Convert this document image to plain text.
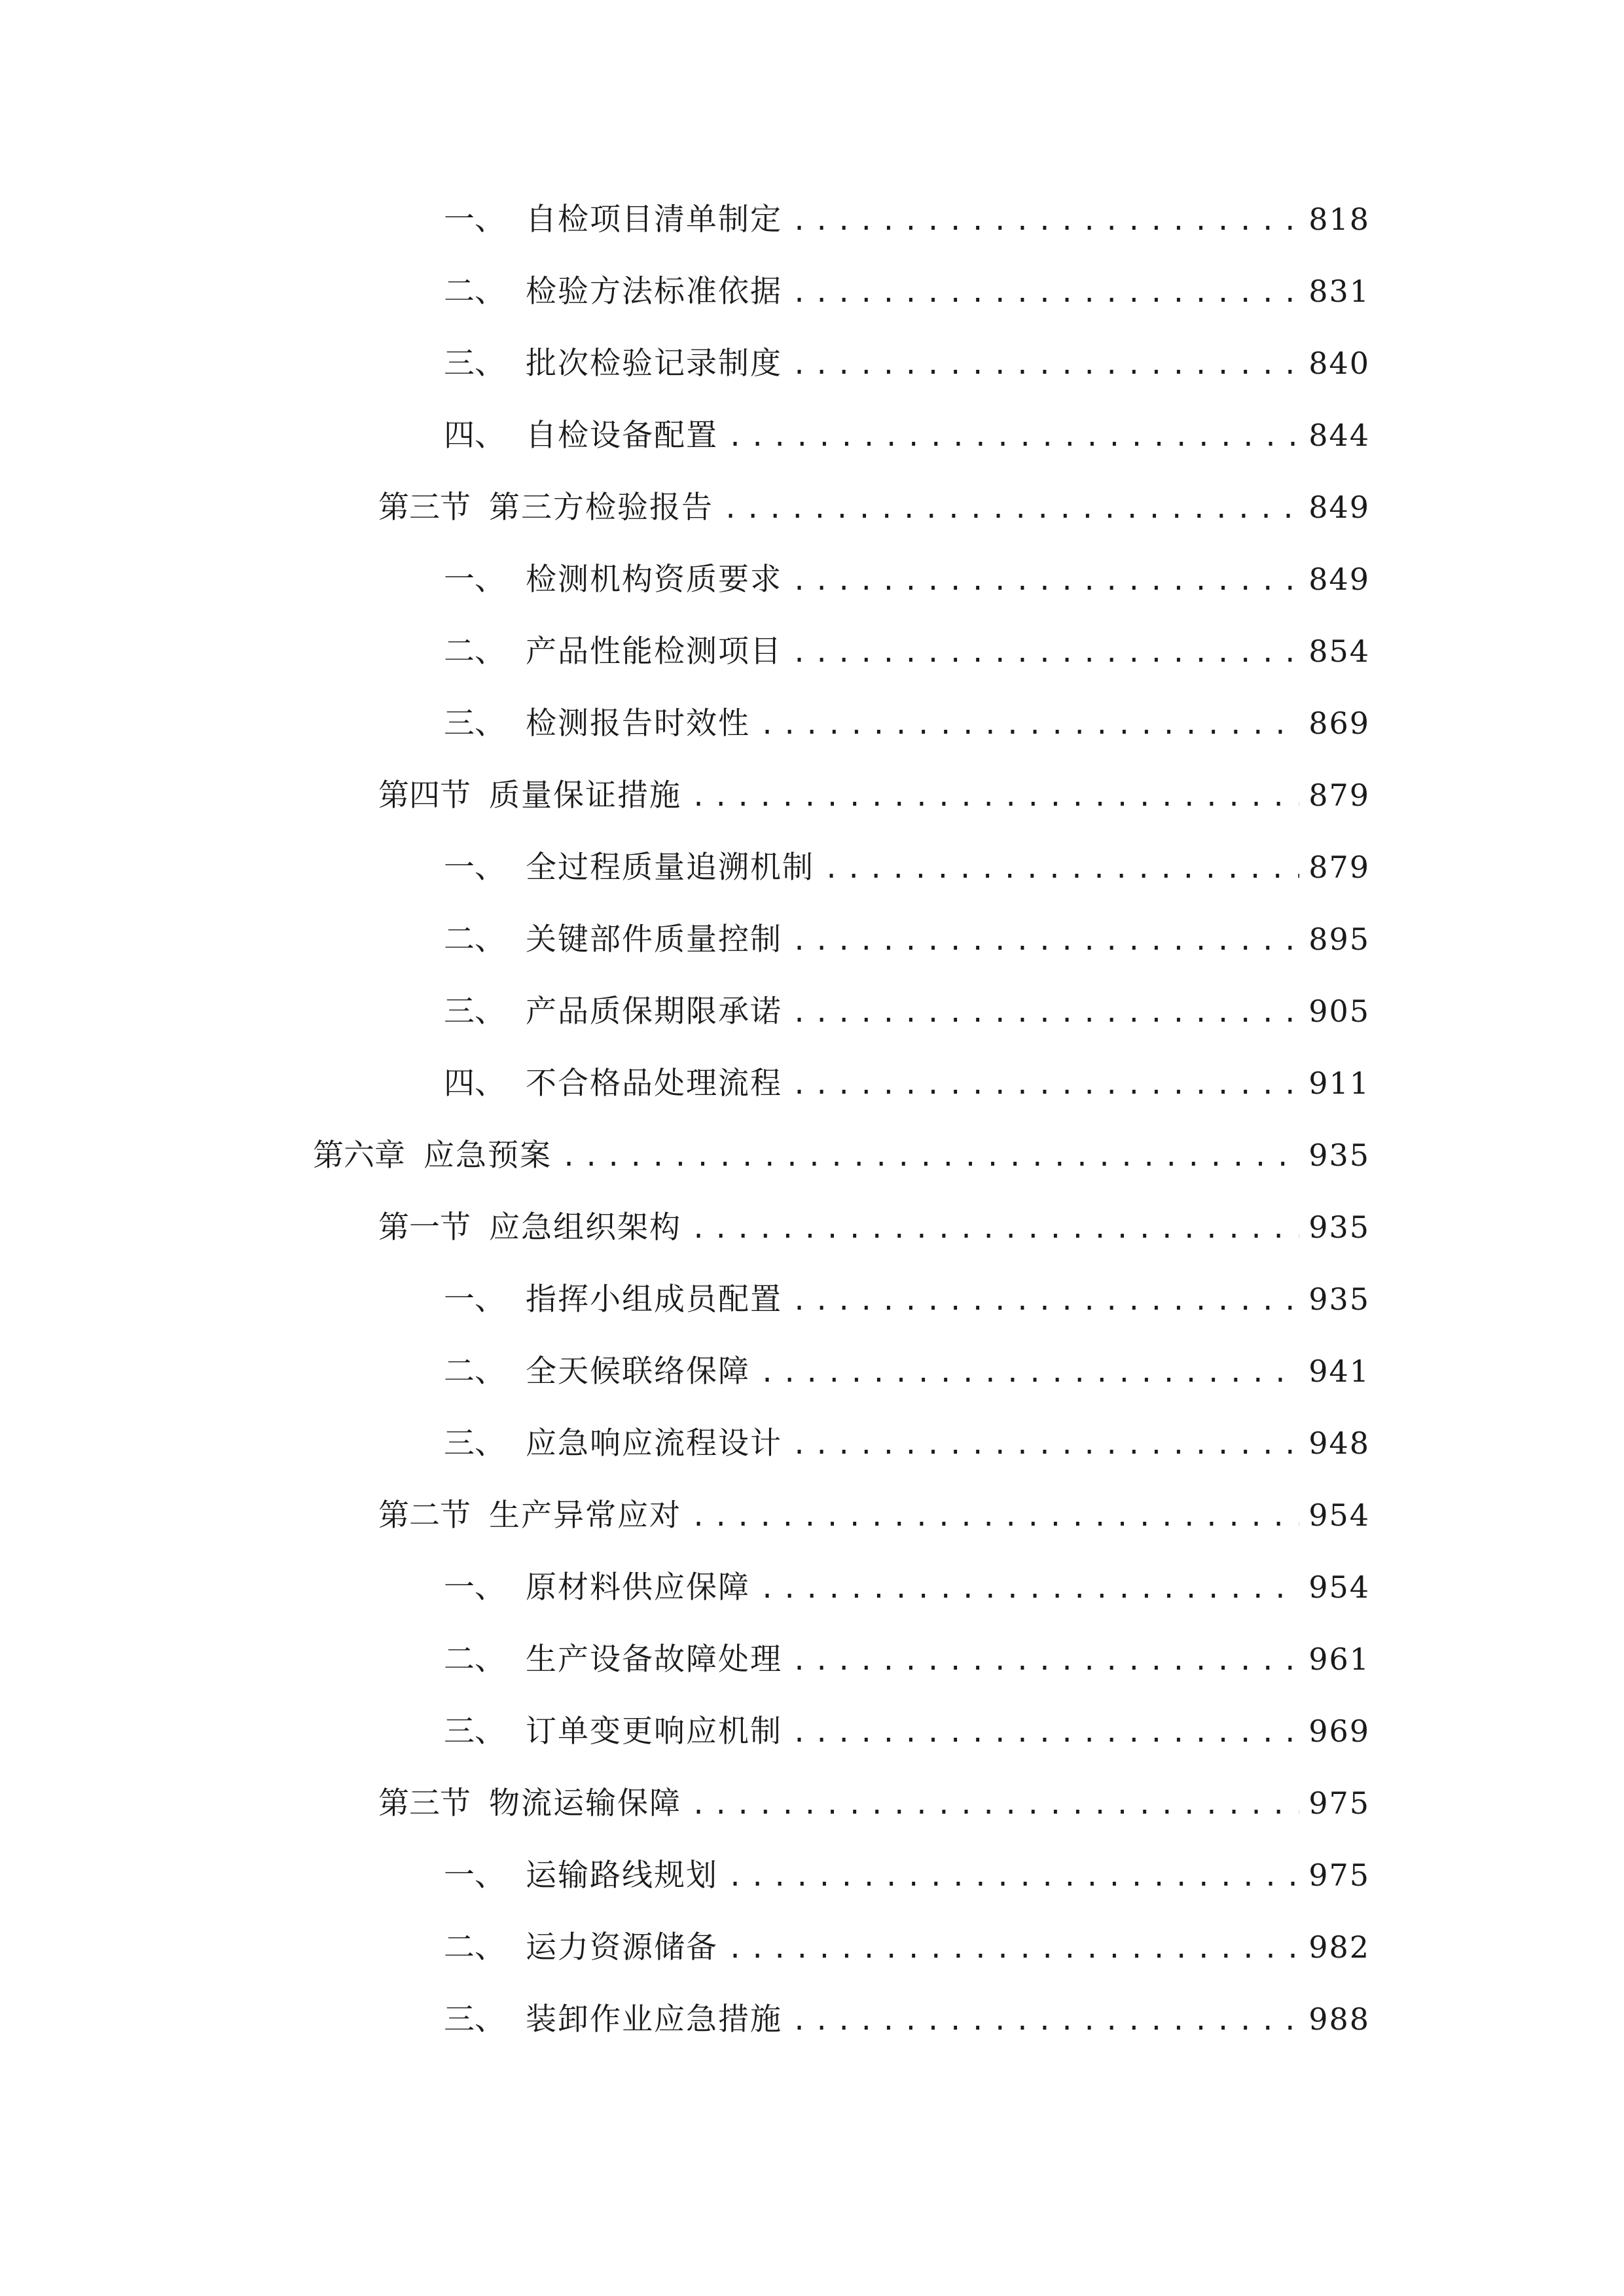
一、 自检项目清单制定 .....	818
二、 检验方法标准依据 .....	831
三、 批次检验记录制度 .....	840
四、 自检设备配置 .....	844
第三节 第三方检验报告 .....	849
一、 检测机构资质要求 .....	849
二、 产品性能检测项目 .....	854
三、 检测报告时效性 .....	869
第四节 质量保证措施 .....	879
一、 全过程质量追溯机制 .....	879
二、 关键部件质量控制 .....	895
三、 产品质保期限承诺 .....	905
四、 不合格品处理流程 .....	911
第六章 应急预案 .....	935
第一节 应急组织架构 .....	935
一、 指挥小组成员配置 .....	935
二、 全天候联络保障 .....	941
三、 应急响应流程设计 .....	948
第二节 生产异常应对 .....	954
一、 原材料供应保障 .....	954
二、 生产设备故障处理 .....	961
三、 订单变更响应机制 .....	969
第三节 物流运输保障 .....	975
一、 运输路线规划 .....	975
二、 运力资源储备 .....	982
三、 装卸作业应急措施 .....	988
